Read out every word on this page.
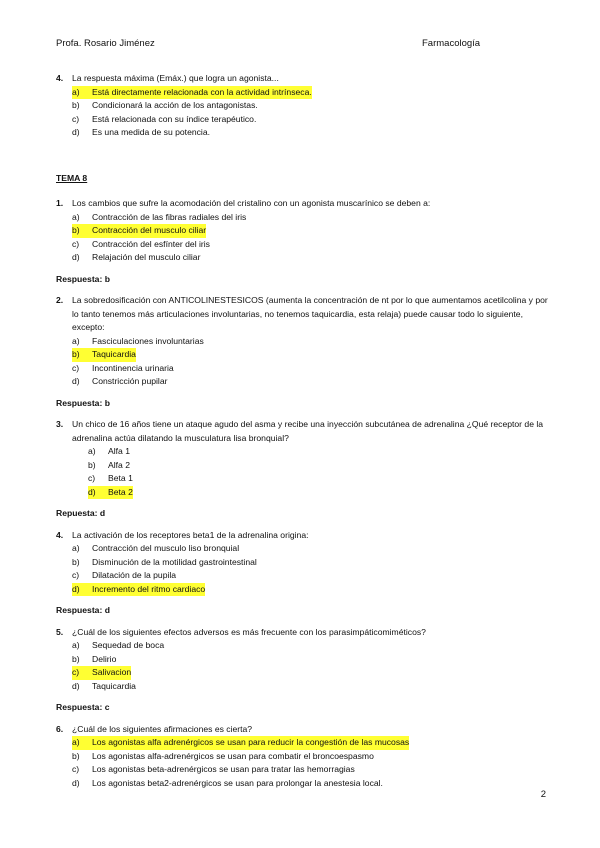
Profa. Rosario Jiménez	Farmacología
4.	La respuesta máxima (Emáx.) que logra un agonista...
a)	Está directamente relacionada con la actividad intrínseca.
b)	Condicionará la acción de los antagonistas.
c)	Está relacionada con su índice terapéutico.
d)	Es una medida de su potencia.
TEMA 8
1.	Los cambios que sufre la acomodación del cristalino con un agonista muscarínico se deben a:
a)	Contracción de las fibras radiales del iris
b)	Contracción del musculo ciliar
c)	Contracción del esfínter del iris
d)	Relajación del musculo ciliar
Respuesta: b
2.	La sobredosificación con ANTICOLINESTESICOS (aumenta la concentración de nt por lo que aumentamos acetilcolina y por lo tanto tenemos más articulaciones involuntarias, no tenemos taquicardia, esta relaja) puede causar todo lo siguiente, excepto:
a)	Fasciculaciones involuntarias
b)	Taquicardia
c)	Incontinencia urinaria
d)	Constricción pupilar
Respuesta: b
3.	Un chico de 16 años tiene un ataque agudo del asma y recibe una inyección subcutánea de adrenalina ¿Qué receptor de la adrenalina actúa dilatando la musculatura lisa bronquial?
a)	Alfa 1
b)	Alfa 2
c)	Beta 1
d)	Beta 2
Repuesta: d
4.	La activación de los receptores beta1 de la adrenalina origina:
a)	Contracción del musculo liso bronquial
b)	Disminución de la motilidad gastrointestinal
c)	Dilatación de la pupila
d)	Incremento del ritmo cardiaco
Respuesta: d
5.	¿Cuál de los siguientes efectos adversos es más frecuente con los parasimpáticomiméticos?
a)	Sequedad de boca
b)	Delirio
c)	Salivacion
d)	Taquicardia
Respuesta: c
6.	¿Cuál de los siguientes afirmaciones es cierta?
a)	Los agonistas alfa adrenérgicos se usan para reducir la congestión de las mucosas
b)	Los agonistas alfa-adrenérgicos se usan para combatir el broncoespasmo
c)	Los agonistas beta-adrenérgicos se usan para tratar las hemorragias
d)	Los agonistas beta2-adrenérgicos se usan para prolongar la anestesia local.
2
